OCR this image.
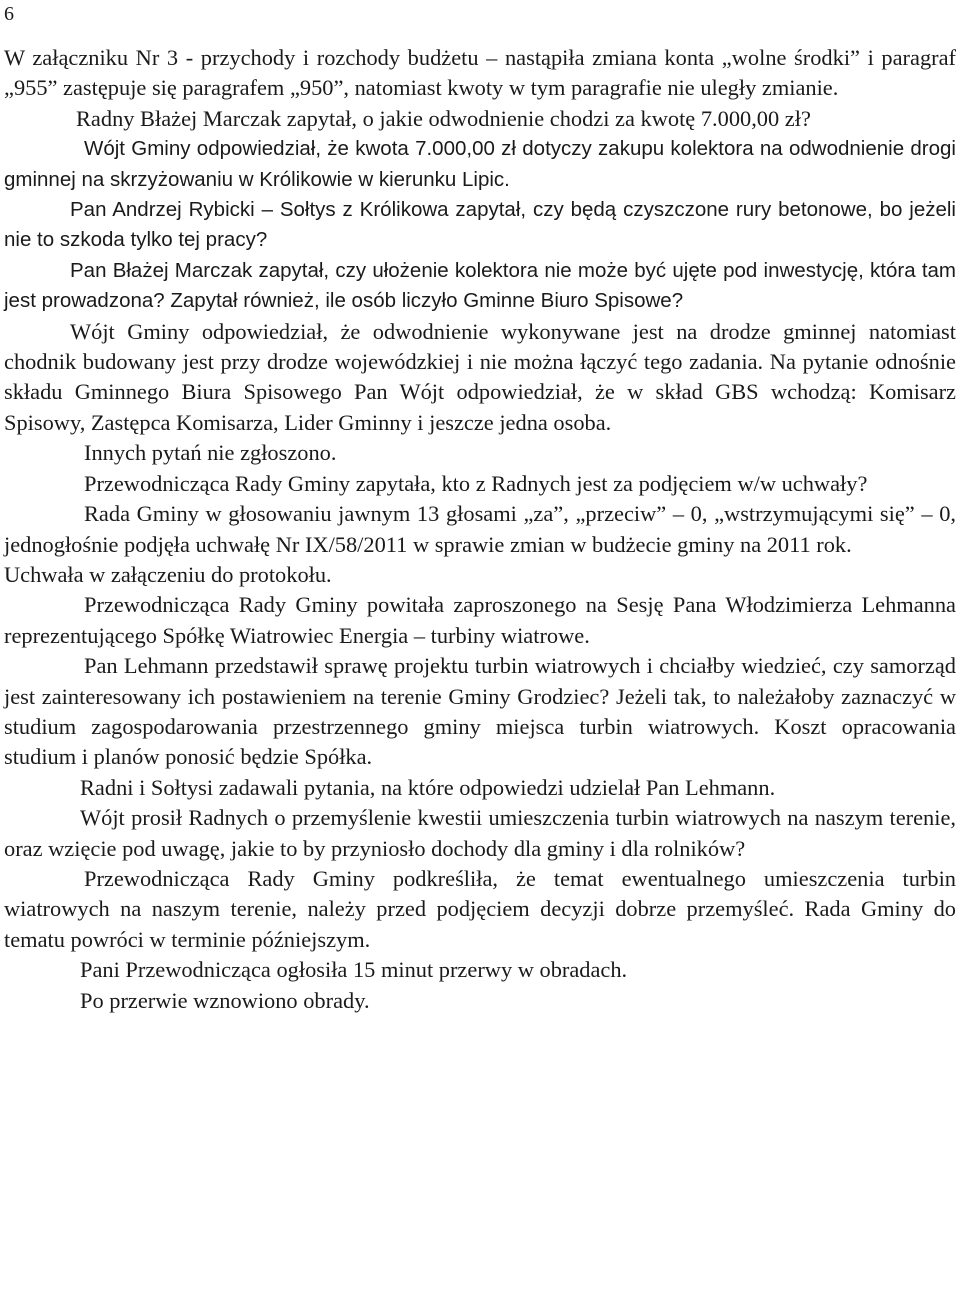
6

W załączniku Nr 3 - przychody i rozchody budżetu – nastąpiła zmiana konta „wolne środki” i paragraf „955” zastępuje się paragrafem „950”, natomiast kwoty w tym paragrafie nie uległy zmianie.

Radny Błażej Marczak zapytał, o jakie odwodnienie chodzi za kwotę 7.000,00 zł?

Wójt Gminy odpowiedział, że kwota 7.000,00 zł dotyczy zakupu kolektora na odwodnienie drogi gminnej na skrzyżowaniu w Królikowie w kierunku Lipic.

Pan Andrzej Rybicki – Sołtys z Królikowa zapytał, czy będą czyszczone rury betonowe, bo jeżeli nie to szkoda tylko tej pracy?

Pan Błażej Marczak zapytał, czy ułożenie kolektora nie może być ujęte pod inwestycję, która tam jest prowadzona? Zapytał również, ile osób liczyło Gminne Biuro Spisowe?

Wójt Gminy odpowiedział, że odwodnienie wykonywane jest na drodze gminnej natomiast chodnik budowany jest przy drodze wojewódzkiej i nie można łączyć tego zadania. Na pytanie odnośnie składu Gminnego Biura Spisowego Pan Wójt odpowiedział, że w skład GBS wchodzą: Komisarz Spisowy, Zastępca Komisarza, Lider Gminny i jeszcze jedna osoba.

Innych pytań nie zgłoszono.

Przewodnicząca Rady Gminy zapytała, kto z Radnych jest za podjęciem w/w uchwały?

Rada Gminy w głosowaniu jawnym 13 głosami „za”, „przeciw” – 0, „wstrzymującymi się” – 0, jednogłośnie podjęła uchwałę Nr IX/58/2011 w sprawie zmian w budżecie gminy na 2011 rok.

Uchwała w załączeniu do protokołu.

Przewodnicząca Rady Gminy powitała zaproszonego na Sesję Pana Włodzimierza Lehmanna reprezentującego Spółkę Wiatrowiec Energia – turbiny wiatrowe.

Pan Lehmann przedstawił sprawę projektu turbin wiatrowych i chciałby wiedzieć, czy samorząd jest zainteresowany ich postawieniem na terenie Gminy Grodziec? Jeżeli tak, to należałoby zaznaczyć w studium zagospodarowania przestrzennego gminy miejsca turbin wiatrowych. Koszt opracowania studium i planów ponosić będzie Spółka.

Radni i Sołtysi zadawali pytania, na które odpowiedzi udzielał Pan Lehmann.

Wójt prosił Radnych o przemyślenie kwestii umieszczenia turbin wiatrowych na naszym terenie, oraz wzięcie pod uwagę, jakie to by przyniosło dochody dla gminy i dla rolników?

Przewodnicząca Rady Gminy podkreśliła, że temat ewentualnego umieszczenia turbin wiatrowych na naszym terenie, należy przed podjęciem decyzji dobrze przemyśleć. Rada Gminy do tematu powróci w terminie późniejszym.

Pani Przewodnicząca ogłosiła 15 minut przerwy w obradach.

Po przerwie wznowiono obrady.
